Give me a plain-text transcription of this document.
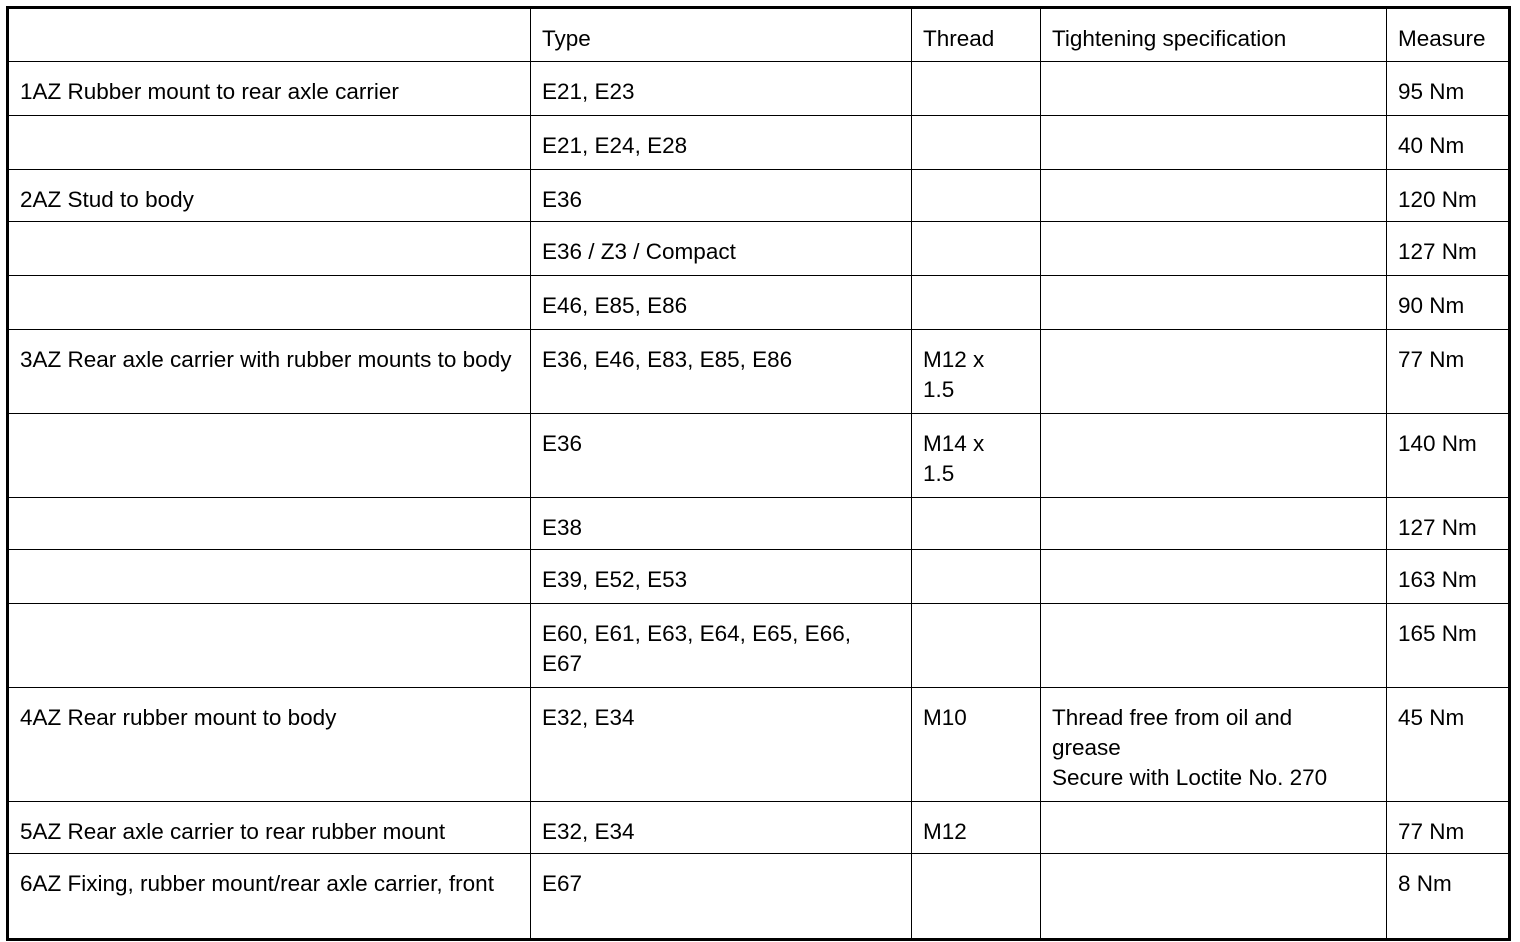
	Type	Thread	Tightening specification	Measure
1AZ Rubber mount to rear axle carrier	E21, E23			95 Nm
	E21, E24, E28			40 Nm
2AZ Stud to body	E36			120 Nm
	E36 / Z3 / Compact			127 Nm
	E46, E85, E86			90 Nm
3AZ Rear axle carrier with rubber mounts to body	E36, E46, E83, E85, E86	M12 x
1.5		77 Nm
	E36	M14 x
1.5		140 Nm
	E38			127 Nm
	E39, E52, E53			163 Nm
	E60, E61, E63, E64, E65, E66,
E67			165 Nm
4AZ Rear rubber mount to body	E32, E34	M10	Thread free from oil and
grease
Secure with Loctite No. 270	45 Nm
5AZ Rear axle carrier to rear rubber mount	E32, E34	M12		77 Nm
6AZ Fixing, rubber mount/rear axle carrier, front	E67			8 Nm
